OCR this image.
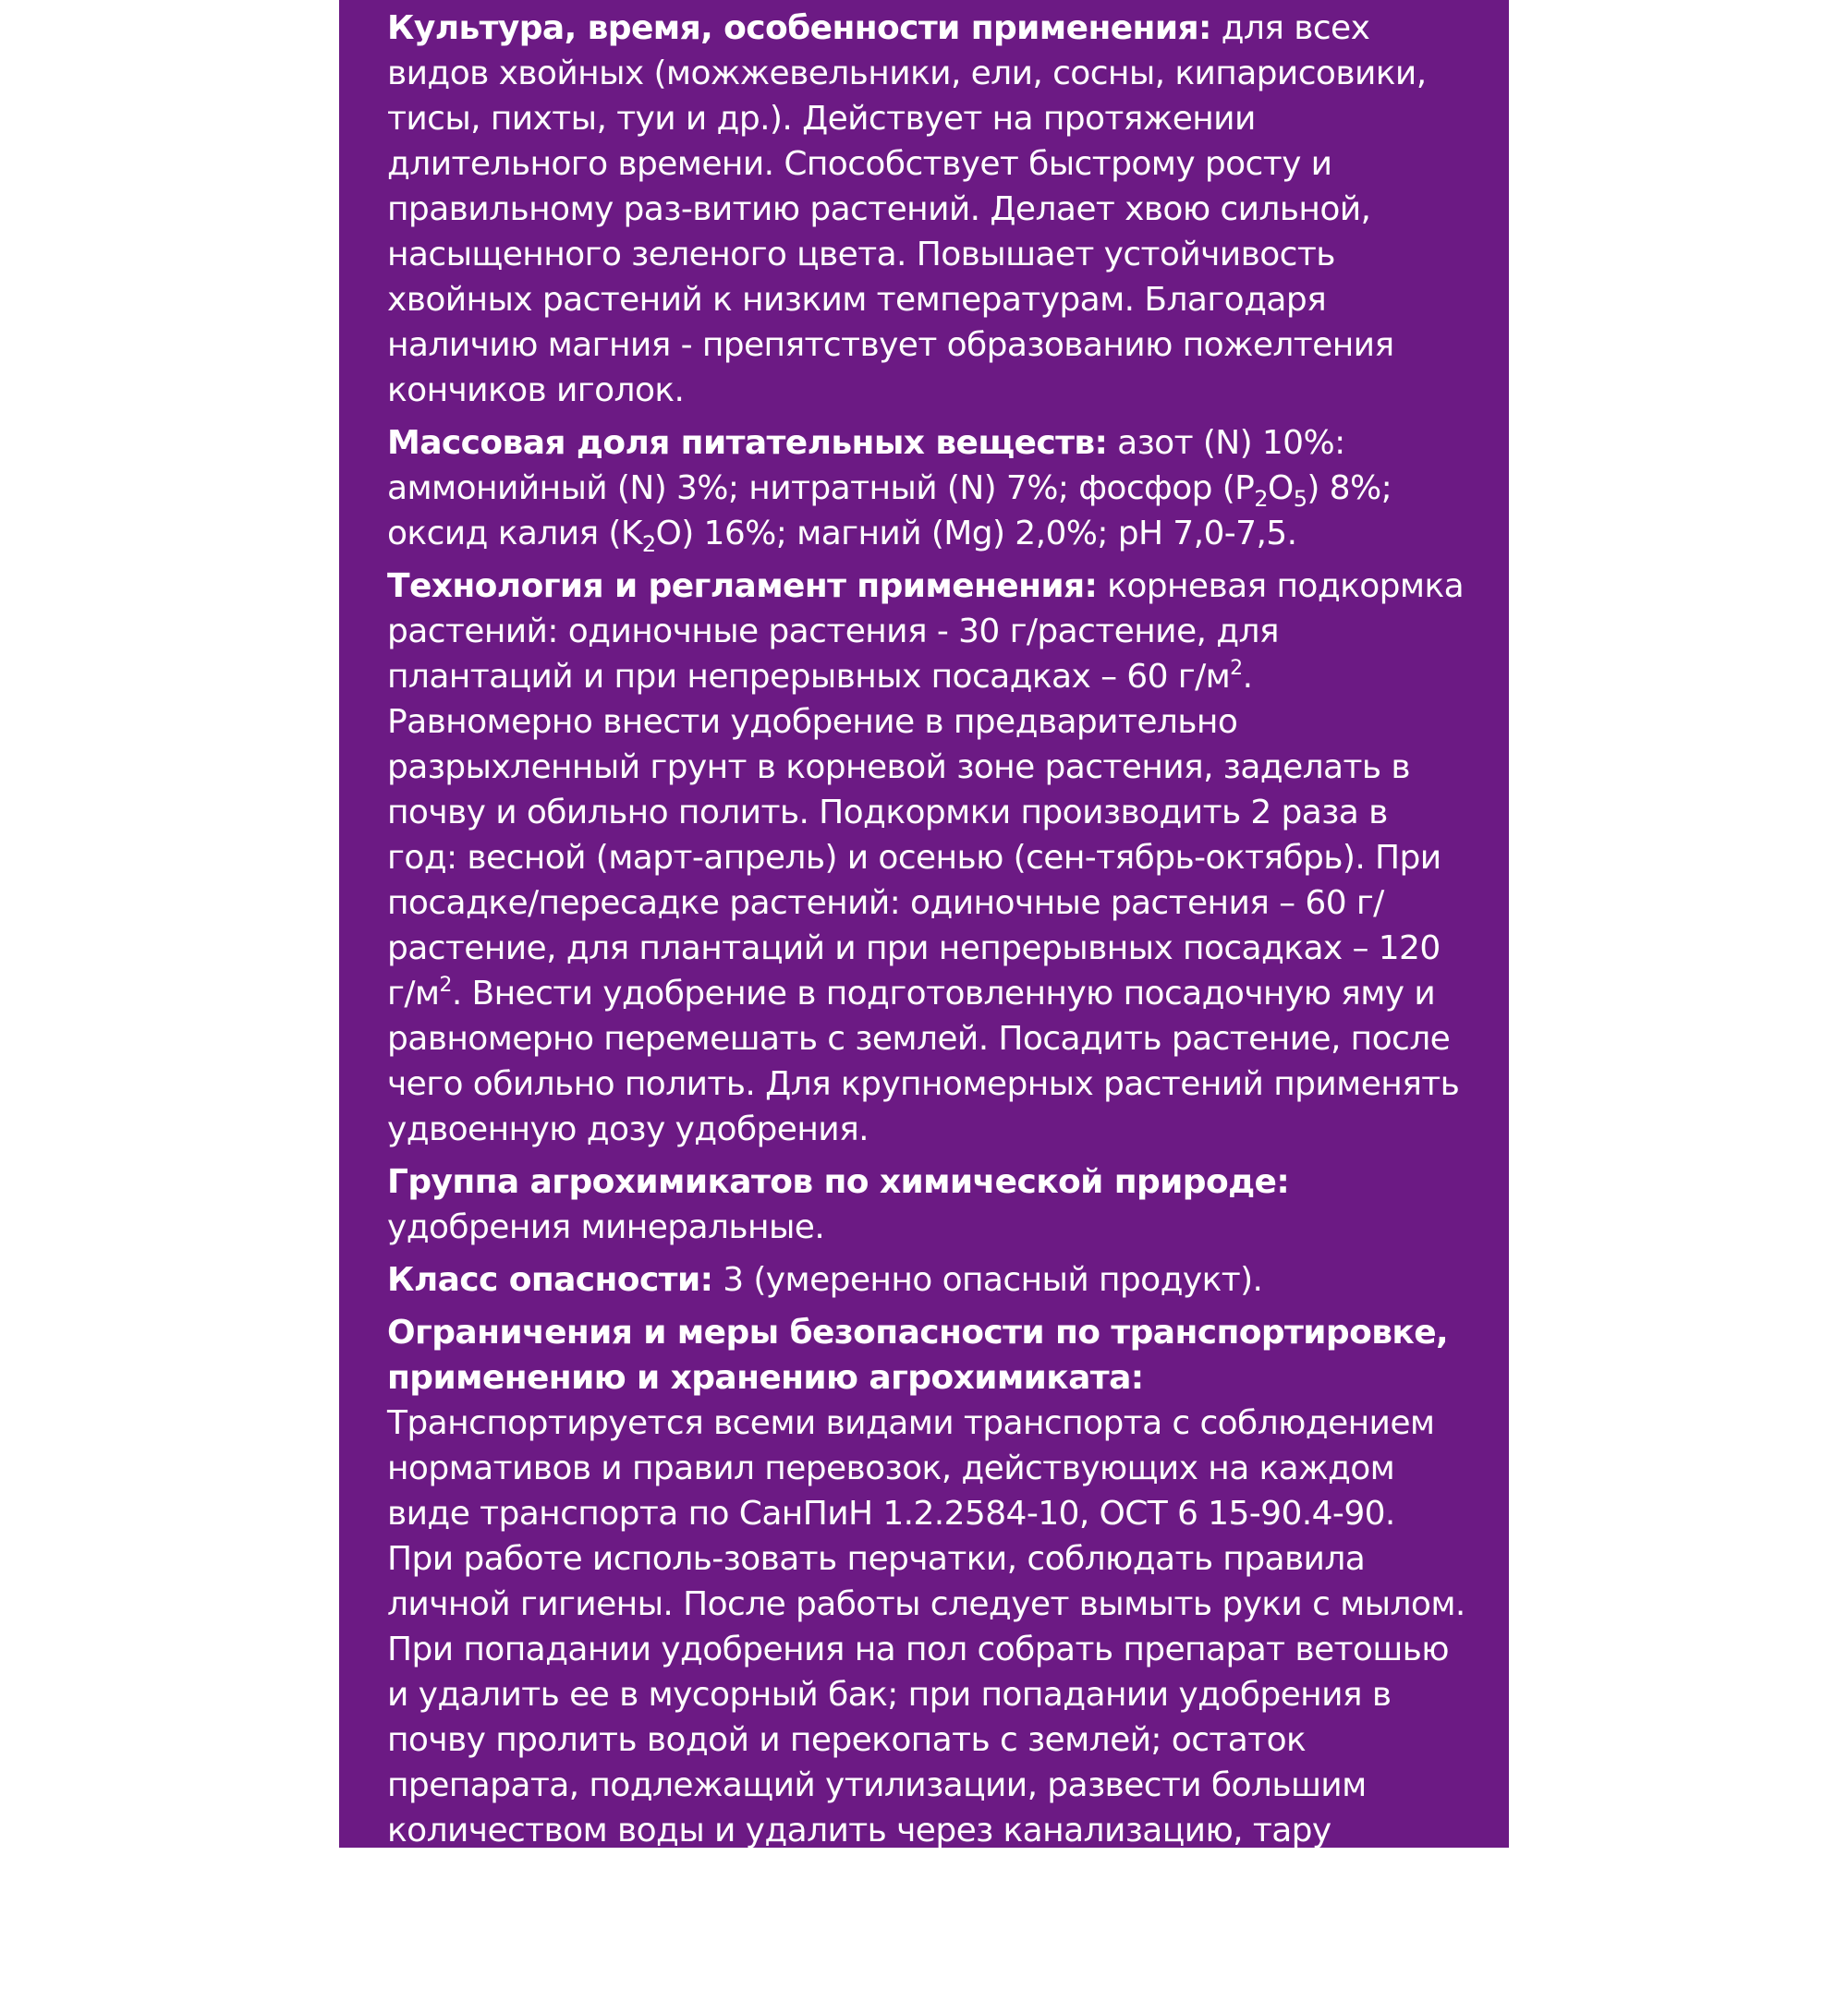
Культура, время, особенности применения: для всех видов хвойных (можжевельники, ели, сосны, кипарисовики, тисы, пихты, туи и др.). Действует на протяжении длительного времени. Способствует быстрому росту и правильному раз-витию растений. Делает хвою сильной, насыщенного зеленого цвета. Повышает устойчивость хвойных растений к низким температурам. Благодаря наличию магния - препятствует образованию пожелтения кончиков иголок.

Массовая доля питательных веществ: азот (N) 10%: аммонийный (N) 3%; нитратный (N) 7%; фосфор $(P_2O_5)$ 8%; оксид калия $(K_2O)$ 16%; магний (Mg) 2,0%; pH 7,0-7,5.

Технология и регламент применения: корневая подкормка растений: одиночные растения - 30 г/растение, для плантаций и при непрерывных посадках – 60 $г/м^2$. Равномерно внести удобрение в предварительно разрыхленный грунт в корневой зоне растения, заделать в почву и обильно полить. Подкормки производить 2 раза в год: весной (март-апрель) и осенью (сен-тябрь-октябрь). При посадке/пересадке растений: одиночные растения – 60 г/растение, для плантаций и при непрерывных посадках – 120 $г/м^2$. Внести удобрение в подготовленную посадочную яму и равномерно перемешать с землей. Посадить растение, после чего обильно полить. Для крупномерных растений применять удвоенную дозу удобрения.

Группа агрохимикатов по химической природе: удобрения минеральные.

Класс опасности: 3 (умеренно опасный продукт).

Ограничения и меры безопасности по транспортировке, применению и хранению агрохимиката: Транспортируется всеми видами транспорта с соблюдением нормативов и правил перевозок, действующих на каждом виде транспорта по СанПиН 1.2.2584-10, ОСТ 6 15-90.4-90. При работе исполь-зовать перчатки, соблюдать правила личной гигиены. После работы следует вымыть руки с мылом. При попадании удобрения на пол собрать препарат ветошью и удалить ее в мусорный бак; при попадании удобрения в почву пролить водой и перекопать с землей; остаток препарата, подлежащий утилизации, развести большим количеством воды и удалить через канализацию, тару удалить в мусорный бак. Хранить в прохладном и сухом месте. Запрещено применение в водоохраной зоне водных объектов.
